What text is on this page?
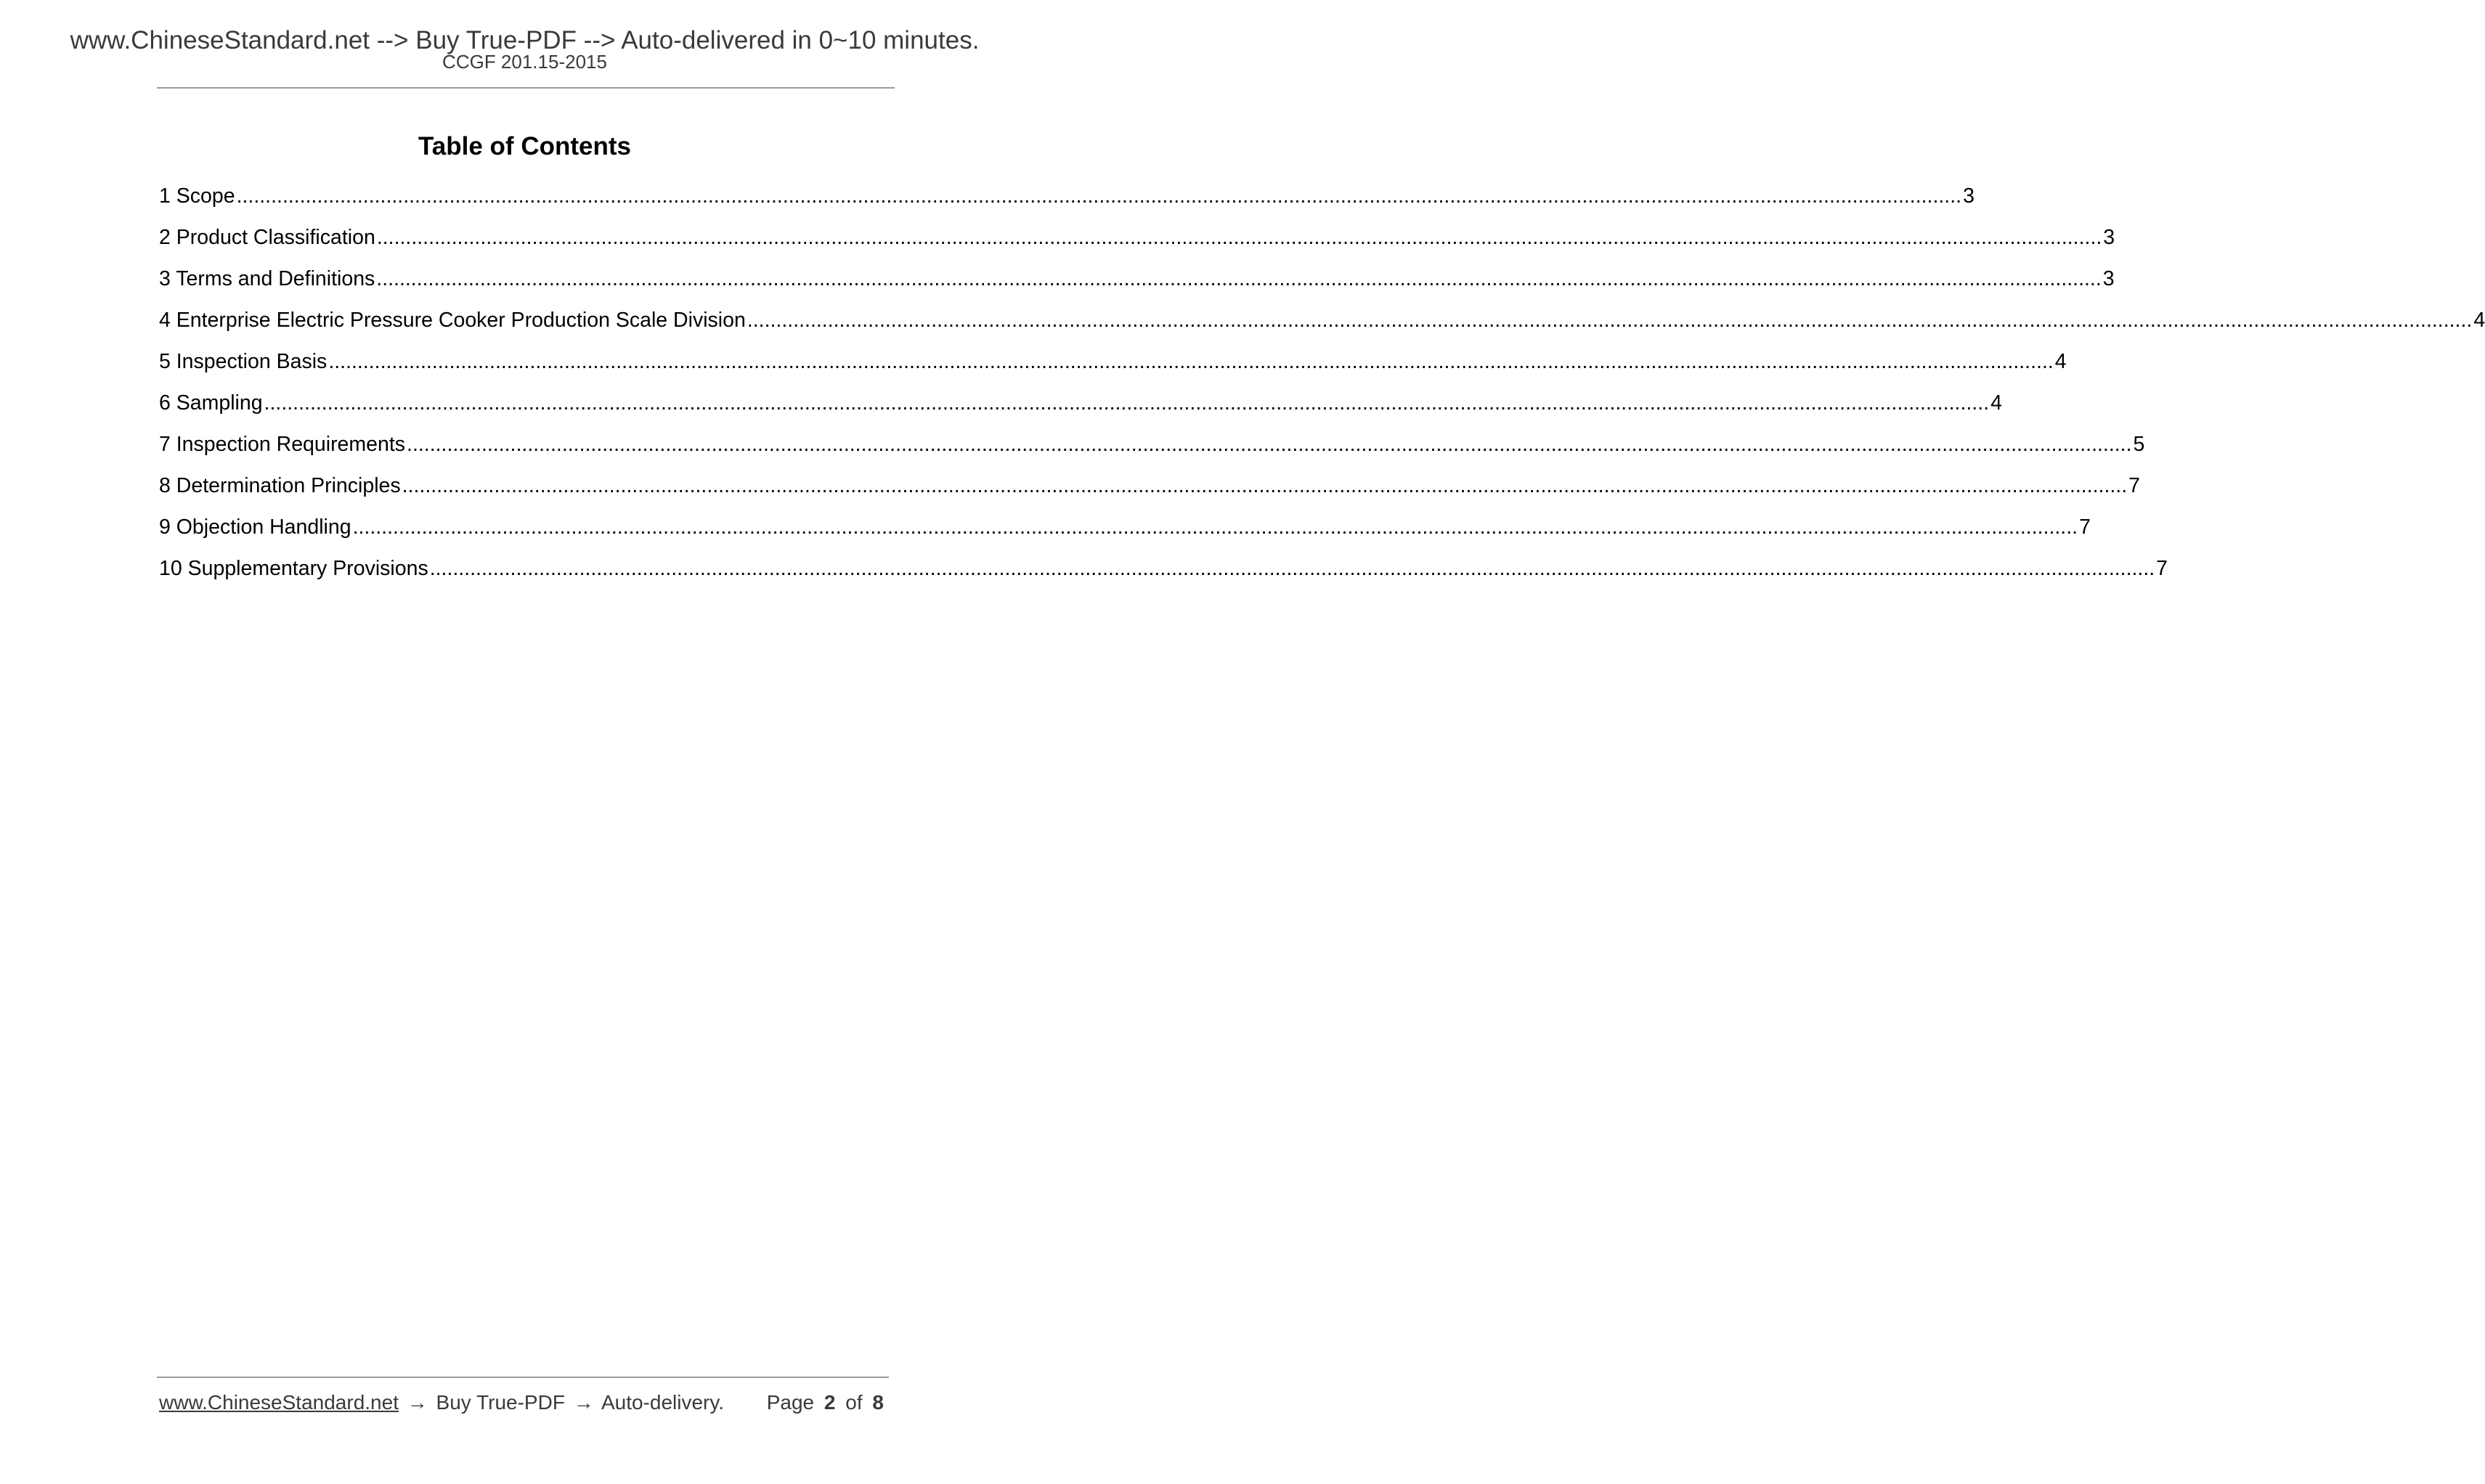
www.ChineseStandard.net --> Buy True-PDF --> Auto-delivered in 0~10 minutes.
CCGF 201.15-2015
Table of Contents
1 Scope ............................................................................................................................................................................................................................................................................................................ 3
2 Product Classification ............................................................................................................................................................................................................................................................................................................ 3
3 Terms and Definitions ............................................................................................................................................................................................................................................................................................................ 3
4 Enterprise Electric Pressure Cooker Production Scale Division ............................................................................................................................................................................................................................................................................................................ 4
5 Inspection Basis ............................................................................................................................................................................................................................................................................................................ 4
6 Sampling ............................................................................................................................................................................................................................................................................................................ 4
7 Inspection Requirements ............................................................................................................................................................................................................................................................................................................ 5
8 Determination Principles ............................................................................................................................................................................................................................................................................................................ 7
9 Objection Handling ............................................................................................................................................................................................................................................................................................................ 7
10 Supplementary Provisions ............................................................................................................................................................................................................................................................................................................ 7
www.ChineseStandard.net → Buy True-PDF → Auto-delivery. Page 2 of 8
